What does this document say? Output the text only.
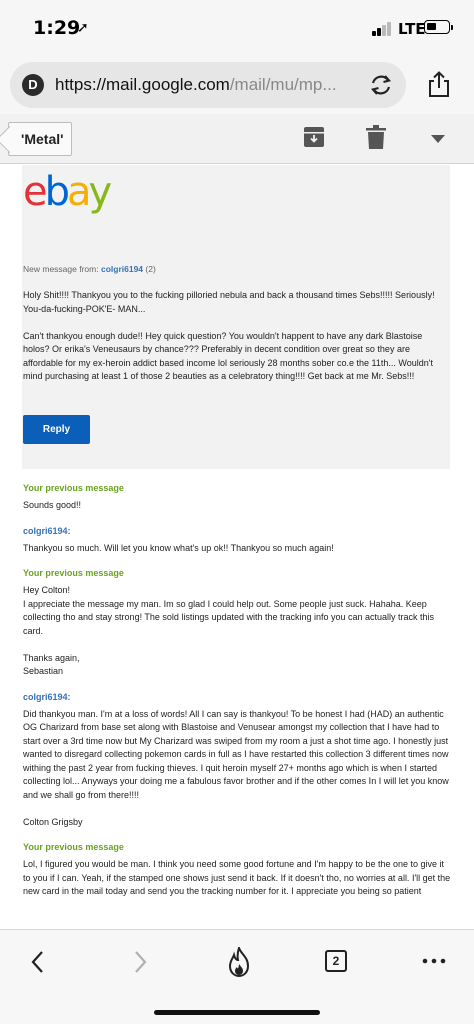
1:29
➚	LTE
D	https://mail.google.com/mail/mu/mp...
'Metal'
ebay
New message from: colgri6194 (2)
Holy Shit!!!! Thankyou you to the fucking pilloried nebula and back a thousand times Sebs!!!!! Seriously! You-da-fucking-POK'E- MAN...

Can't thankyou enough dude!! Hey quick question? You wouldn't happent to have any dark Blastoise holos? Or erika's Veneusaurs by chance??? Preferably in decent condition over great so they are affordable for my ex-heroin addict based income lol seriously 28 months sober co.e the 11th... Wouldn't mind purchasing at least 1 of those 2 beauties as a celebratory thing!!!! Get back at me Mr. Sebs!!!
Reply
Your previous message
Sounds good!!
colgri6194:
Thankyou so much. Will let you know what's up ok!! Thankyou so much again!
Your previous message
Hey Colton!
I appreciate the message my man. Im so glad I could help out. Some people just suck. Hahaha. Keep collecting tho and stay strong! The sold listings updated with the tracking info you can actually track this card.

Thanks again,
Sebastian
colgri6194:
Did thankyou man. I'm at a loss of words! All I can say is thankyou! To be honest I had (HAD) an authentic OG Charizard from base set along with Blastoise and Venusear amongst my collection that I have had to start over a 3rd time now but My Charizard was swiped from my room a just a shot time ago. I honestly just wanted to disregard collecting pokemon cards in full as I have restarted this collection 3 different times now withing the past 2 year from fucking thieves. I quit heroin myself 27+ months ago which is when I started collecting lol... Anyways your doing me a fabulous favor brother and if the other comes In I will let you know and we shall go from there!!!!

Colton Grigsby
Your previous message
Lol, I figured you would be man. I think you need some good fortune and I'm happy to be the one to give it to you if I can. Yeah, if the stamped one shows just send it back. If it doesn't tho, no worries at all. I'll get the new card in the mail today and send you the tracking number for it. I appreciate you being so patient
2
